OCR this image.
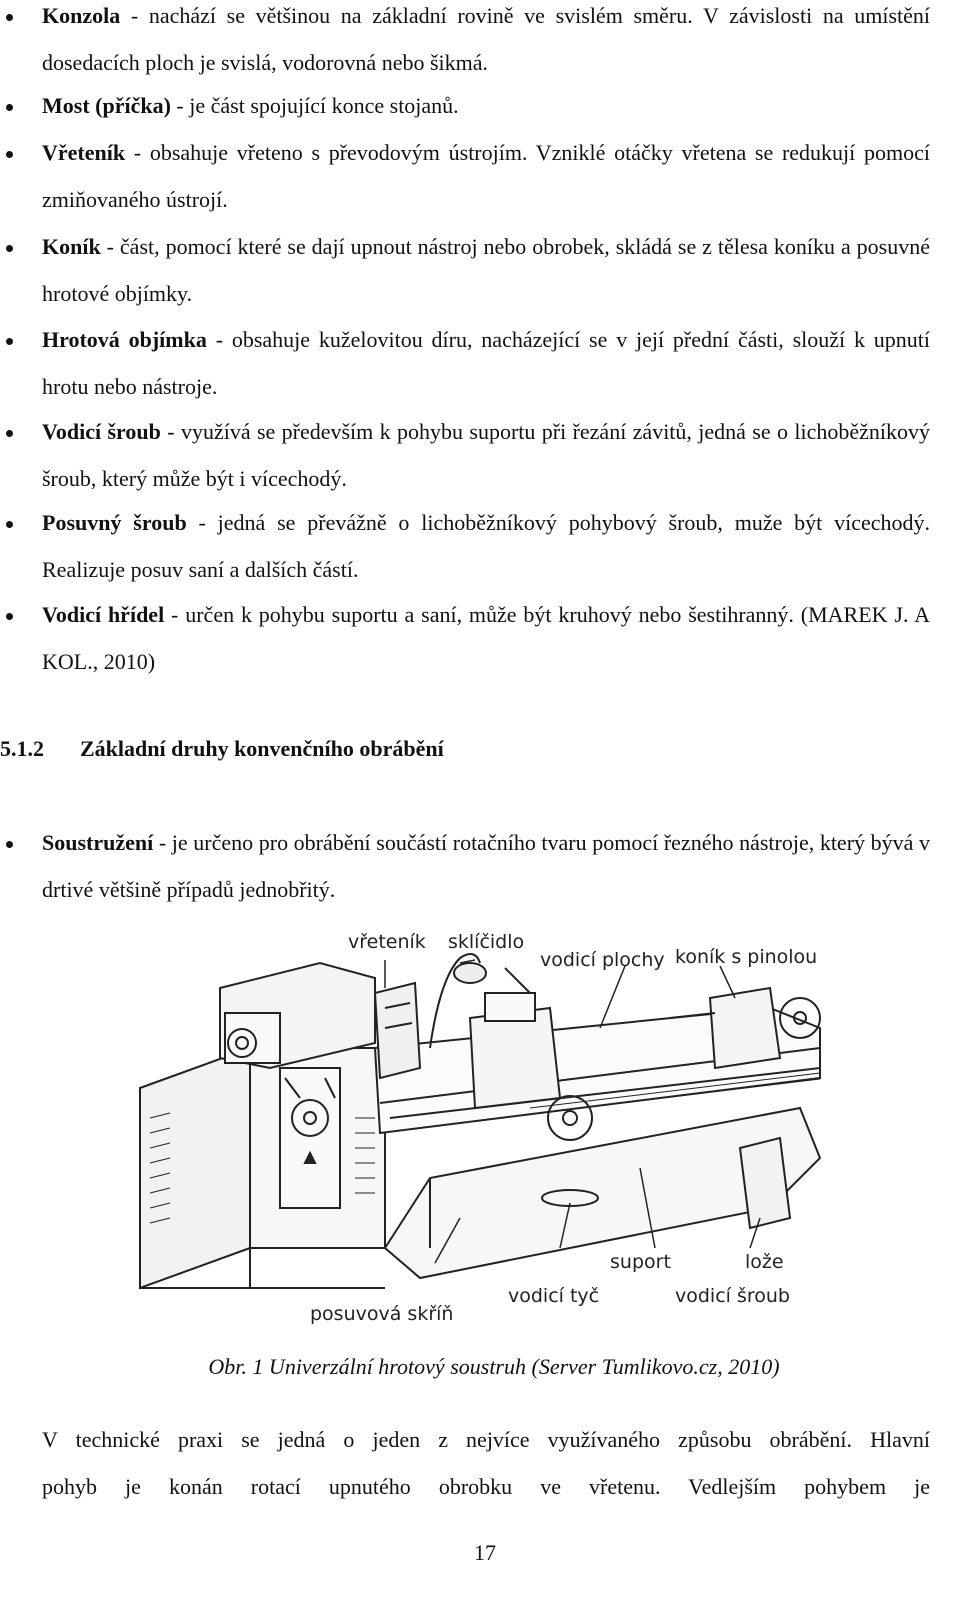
Konzola - nachází se většinou na základní rovině ve svislém směru. V závislosti na umístění dosedacích ploch je svislá, vodorovná nebo šikmá.
Most (příčka) - je část spojující konce stojanů.
Vřeteník - obsahuje vřeteno s převodovým ústrojím. Vzniklé otáčky vřetena se redukují pomocí zmiňovaného ústrojí.
Koník - část, pomocí které se dají upnout nástroj nebo obrobek, skládá se z tělesa koníku a posuvné hrotové objímky.
Hrotová objímka - obsahuje kuželovitou díru, nacházející se v její přední části, slouží k upnutí hrotu nebo nástroje.
Vodicí šroub - využívá se především k pohybu suportu při řezání závitů, jedná se o lichoběžníkový šroub, který může být i vícechodý.
Posuvný šroub - jedná se převážně o lichoběžníkový pohybový šroub, muže být vícechodý. Realizuje posuv saní a dalších částí.
Vodicí hřídel - určen k pohybu suportu a saní, může být kruhový nebo šestihranný. (MAREK J. A KOL., 2010)
5.1.2 Základní druhy konvenčního obrábění
Soustružení - je určeno pro obrábění součástí rotačního tvaru pomocí řezného nástroje, který bývá v drtivé většině případů jednobřitý.
vřeteník sklíčidlo
vodicí plochy koník s pinolou
suport	lože
vodicí tyč	vodicí šroub
posuvová skříň
Obr. 1 Univerzální hrotový soustruh (Server Tumlikovo.cz, 2010)
V technické praxi se jedná o jeden z nejvíce využívaného způsobu obrábění. Hlavní
pohyb je konán rotací upnutého obrobku ve vřetenu. Vedlejším pohybem je
17
